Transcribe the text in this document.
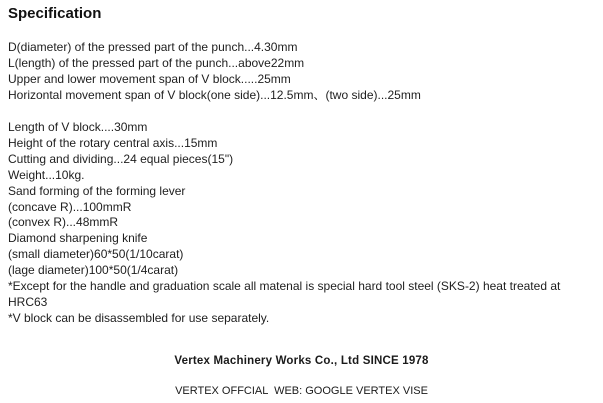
Specification
D(diameter) of the pressed part of the punch...4.30mm
L(length) of the pressed part of the punch...above22mm
Upper and lower movement span of V block.....25mm
Horizontal movement span of V block(one side)...12.5mm、(two side)...25mm
Length of V block....30mm
Height of the rotary central axis...15mm
Cutting and dividing...24 equal pieces(15")
Weight...10kg.
Sand forming of the forming lever
(concave R)...100mmR
(convex R)...48mmR
Diamond sharpening knife
(small diameter)60*50(1/10carat)
(lage diameter)100*50(1/4carat)
*Except for the handle and graduation scale all matenal is special hard tool steel (SKS-2) heat treated at HRC63
*V block can be disassembled for use separately.
Vertex Machinery Works Co., Ltd SINCE 1978
VERTEX OFFCIAL  WEB: GOOGLE VERTEX VISE
